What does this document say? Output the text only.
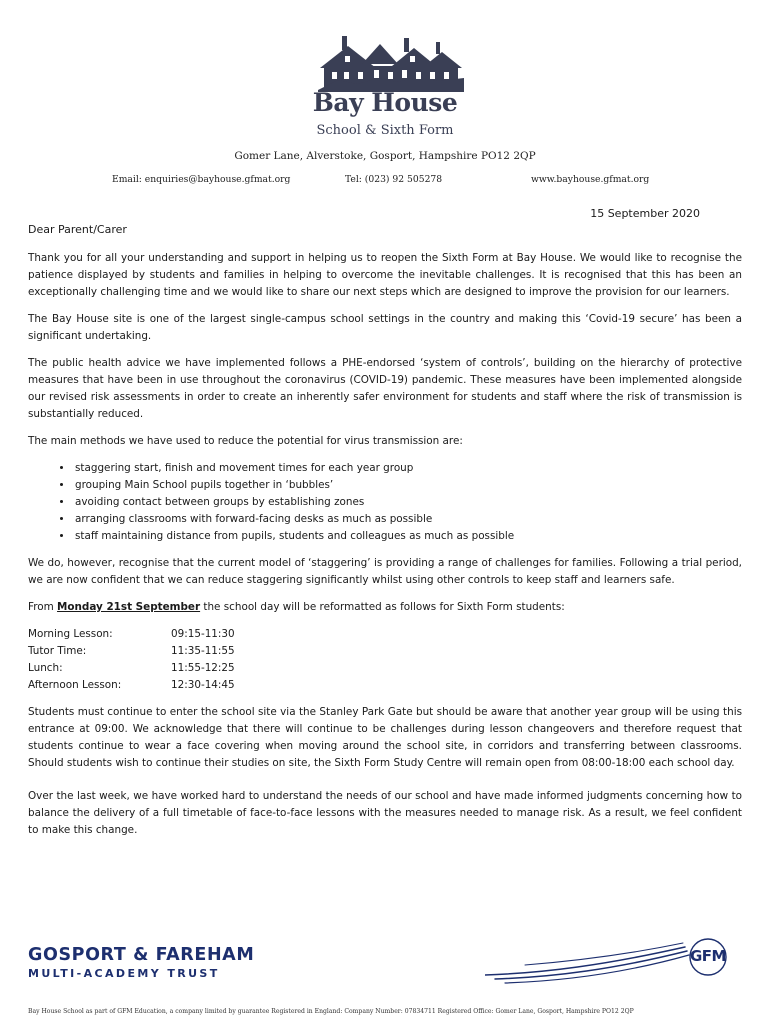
Bay House
School & Sixth Form
Gomer Lane, Alverstoke, Gosport, Hampshire PO12 2QP
Email: enquiries@bayhouse.gfmat.org	Tel: (023) 92 505278	www.bayhouse.gfmat.org
15 September 2020
Dear Parent/Carer

Thank you for all your understanding and support in helping us to reopen the Sixth Form at Bay House. We would like to recognise the patience displayed by students and families in helping to overcome the inevitable challenges. It is recognised that this has been an exceptionally challenging time and we would like to share our next steps which are designed to improve the provision for our learners.

The Bay House site is one of the largest single-campus school settings in the country and making this ‘Covid-19 secure’ has been a significant undertaking.

The public health advice we have implemented follows a PHE-endorsed ‘system of controls’, building on the hierarchy of protective measures that have been in use throughout the coronavirus (COVID-19) pandemic. These measures have been implemented alongside our revised risk assessments in order to create an inherently safer environment for students and staff where the risk of transmission is substantially reduced.

The main methods we have used to reduce the potential for virus transmission are:

• staggering start, finish and movement times for each year group
• grouping Main School pupils together in ‘bubbles’
• avoiding contact between groups by establishing zones
• arranging classrooms with forward-facing desks as much as possible
• staff maintaining distance from pupils, students and colleagues as much as possible

We do, however, recognise that the current model of ‘staggering’ is providing a range of challenges for families. Following a trial period, we are now confident that we can reduce staggering significantly whilst using other controls to keep staff and learners safe.

From Monday 21st September the school day will be reformatted as follows for Sixth Form students:

Morning Lesson:	09:15-11:30
Tutor Time:	11:35-11:55
Lunch:	11:55-12:25
Afternoon Lesson:	12:30-14:45

Students must continue to enter the school site via the Stanley Park Gate but should be aware that another year group will be using this entrance at 09:00. We acknowledge that there will continue to be challenges during lesson changeovers and therefore request that students continue to wear a face covering when moving around the school site, in corridors and transferring between classrooms. Should students wish to continue their studies on site, the Sixth Form Study Centre will remain open from 08:00-18:00 each school day.

Over the last week, we have worked hard to understand the needs of our school and have made informed judgments concerning how to balance the delivery of a full timetable of face-to-face lessons with the measures needed to manage risk. As a result, we feel confident to make this change.

GOSPORT & FAREHAM
MULTI-ACADEMY TRUST
GFM
Bay House School as part of GFM Education, a company limited by guarantee Registered in England: Company Number: 07834711 Registered Office: Gomer Lane, Gosport, Hampshire PO12 2QP
